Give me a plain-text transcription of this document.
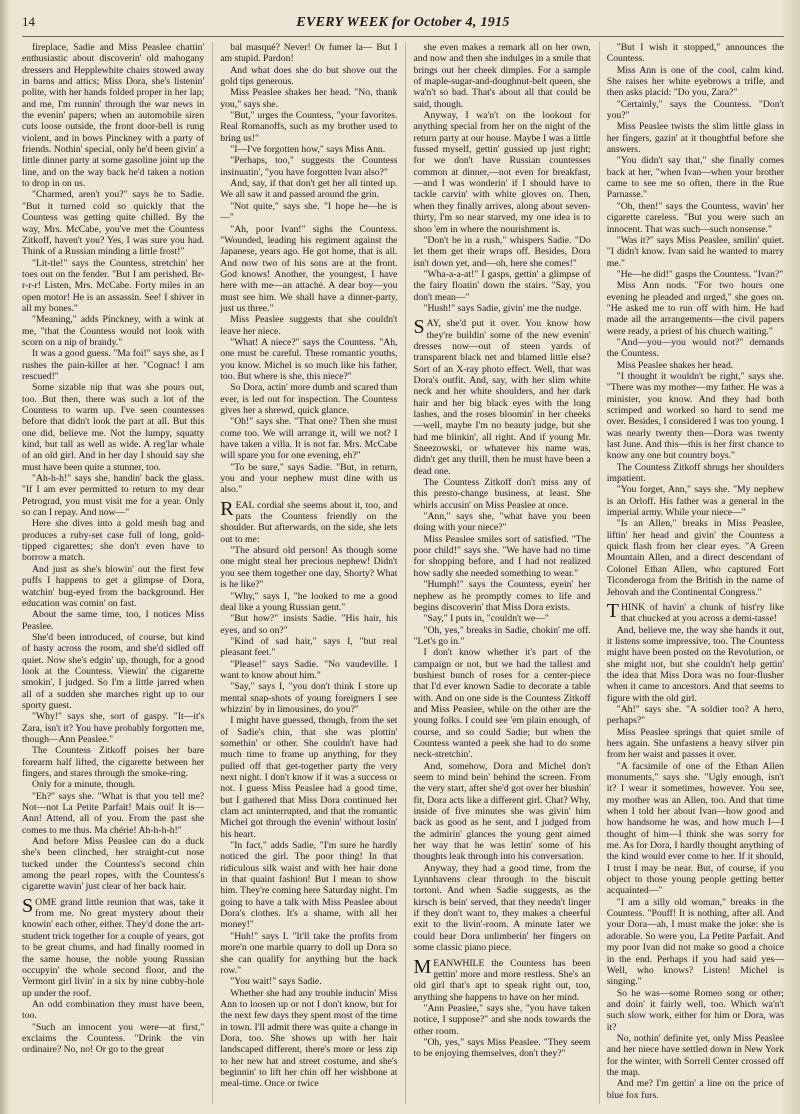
14	EVERY WEEK for October 4, 1915

fireplace, Sadie and Miss Peaslee chattin' enthusiastic about discoverin' old mahogany dressers and Hepplewhite chairs stowed away in barns and attics; Miss Dora, she's listenin' polite, with her hands folded proper in her lap; and me, I'm runnin' through the war news in the evenin' papers; when an automobile siren cuts loose outside, the front door-bell is rung violent, and in bows Pinckney with a party of friends. Nothin' special, only he'd been givin' a little dinner party at some gasoline joint up the line, and on the way back he'd taken a notion to drop in on us.

"Charmed, aren't you?" says he to Sadie. "But it turned cold so quickly that the Countess was getting quite chilled. By the way, Mrs. McCabe, you've met the Countess Zitkoff, haven't you? Yes, I was sure you had. Think of a Russian minding a little frost!"

"Lit-tle!" says the Countess, stretchin' her toes out on the fender. "But I am perished. Br-r-r-r! Listen, Mrs. McCabe. Forty miles in an open motor! He is an assassin. See! I shiver in all my bones."

"Meaning," adds Pinckney, with a wink at me, "that the Countess would not look with scorn on a nip of brandy."

It was a good guess. "Ma foi!" says she, as I rushes the pain-killer at her. "Cognac! I am rescued!"

Some sizable nip that was she pours out, too. But then, there was such a lot of the Countess to warm up. I've seen countesses before that didn't look the part at all. But this one did, believe me. Not the lumpy, squatty kind, but tall as well as wide. A reg'lar whale of an old girl. And in her day I should say she must have been quite a stunner, too.

"Ah-h-h!" says she, handin' back the glass. "If I am ever permitted to return to my dear Petrograd, you must visit me for a year. Only so can I repay. And now—"

Here she dives into a gold mesh bag and produces a ruby-set case full of long, gold-tipped cigarettes; she don't even have to borrow a match.

And just as she's blowin' out the first few puffs I happens to get a glimpse of Dora, watchin' bug-eyed from the background. Her education was comin' on fast.

About the same time, too, I notices Miss Peaslee.

She'd been introduced, of course, but kind of hasty across the room, and she'd sidled off quiet. Now she's edgin' up, though, for a good look at the Countess. Viewin' the cigarette smokin', I judged. So I'm a little jarred when all of a sudden she marches right up to our sporty guest.

"Why!" says she, sort of gaspy. "It—it's Zara, isn't it? You have probably forgotten me, though—Ann Peaslee."

The Countess Zitkoff poises her bare forearm half lifted, the cigarette between her fingers, and stares through the smoke-ring.

Only for a minute, though.

"Eh?" says she. "What is that you tell me? Not—not La Petite Parfait! Mais oui! It is—Ann! Attend, all of you. From the past she comes to me thus. Ma chérie! Ah-h-h-h!"

And before Miss Peaslee can do a duck she's been clinched, her straight-cut nose tucked under the Countess's second chin among the pearl ropes, with the Countess's cigarette wavin' just clear of her back hair.

SOME grand little reunion that was, take it from me. No great mystery about their knowin' each other, either. They'd done the art-student trick together for a couple of years, got to be great chums, and had finally roomed in the same house, the noble young Russian occupyin' the whole second floor, and the Vermont girl livin' in a six by nine cubby-hole up under the roof.

An odd combination they must have been, too.

"Such an innocent you were—at first," exclaims the Countess. "Drink the vin ordinaire? No, no! Or go to the great

bal masqué? Never! Or fumer la— But I am stupid. Pardon!

And what does she do but shove out the gold tips generous.

Miss Peaslee shakes her head. "No, thank you," says she.

"But," urges the Countess, "your favorites. Real Romanoffs, such as my brother used to bring us!"

"I—I've forgotten how," says Miss Ann.

"Perhaps, too," suggests the Countess insinuatin', "you have forgotten Ivan also?"

And, say, if that don't get her all tinted up. We all saw it and passed around the grin.

"Not quite," says she. "I hope he—he is—"

"Ah, poor Ivan!" sighs the Countess. "Wounded, leading his regiment against the Japanese, years ago. He got home, that is all. And now two of his sons are at the front. God knows! Another, the youngest, I have here with me—an attaché. A dear boy—you must see him. We shall have a dinner-party, just us three."

Miss Peaslee suggests that she couldn't leave her niece.

"What! A niece?" says the Countess. "Ah, one must be careful. These romantic youths, you know. Michel is so much like his father, too. But where is she, this niece?"

So Dora, actin' more dumb and scared than ever, is led out for inspection. The Countess gives her a shrewd, quick glance.

"Oh!" says she. "That one? Then she must come too. We will arrange it, will we not? I have taken a villa. It is not far. Mrs. McCabe will spare you for one evening, eh?"

"To be sure," says Sadie. "But, in return, you and your nephew must dine with us also."

REAL cordial she seems about it, too, and pats the Countess friendly on the shoulder. But afterwards, on the side, she lets out to me:

"The absurd old person! As though some one might steal her precious nephew! Didn't you see them together one day, Shorty? What is he like?"

"Why," says I, "he looked to me a good deal like a young Russian gent."

"But how?" insists Sadie. "His hair, his eyes, and so on?"

"Kind of sad hair," says I, "but real pleasant feet."

"Please!" says Sadie. "No vaudeville. I want to know about him."

"Say," says I, "you don't think I store up mental snap-shots of young foreigners I see whizzin' by in limousines, do you?"

I might have guessed, though, from the set of Sadie's chin, that she was plottin' somethin' or other. She couldn't have had much time to frame up anything, for they pulled off that get-together party the very next night. I don't know if it was a success or not. I guess Miss Peaslee had a good time, but I gathered that Miss Dora continued her clam act uninterrupted, and that the romantic Michel got through the evenin' without losin' his heart.

"In fact," adds Sadie, "I'm sure he hardly noticed the girl. The poor thing! In that ridiculous silk waist and with her hair done in that quaint fashion! But I mean to show him. They're coming here Saturday night. I'm going to have a talk with Miss Peaslee about Dora's clothes. It's a shame, with all her money!"

"Huh!" says I. "It'll take the profits from more'n one marble quarry to doll up Dora so she can qualify for anything but the back row."

"You wait!" says Sadie.

Whether she had any trouble inducin' Miss Ann to loosen up or not I don't know, but for the next few days they spent most of the time in town. I'll admit there was quite a change in Dora, too. She shows up with her hair landscaped different, there's more or less zip to her new hat and street costume, and she's beginnin' to lift her chin off her wishbone at meal-time. Once or twice

she even makes a remark all on her own, and now and then she indulges in a smile that brings out her cheek dimples. For a sample of maple-sugar-and-doughnut-belt queen, she wa'n't so bad. That's about all that could be said, though.

Anyway, I wa'n't on the lookout for anything special from her on the night of the return party at our house. Maybe I was a little fussed myself, gettin' gussied up just right; for we don't have Russian countesses common at dinner,—not even for breakfast,—and I was wonderin' if I should have to tackle carvin' with white gloves on. Then, when they finally arrives, along about seven-thirty, I'm so near starved, my one idea is to shoo 'em in where the nourishment is.

"Don't be in a rush," whispers Sadie. "Do let them get their wraps off. Besides, Dora isn't down yet, and—oh, here she comes!"

"Wha-a-a-at!" I gasps, gettin' a glimpse of the fairy floatin' down the stairs. "Say, you don't mean—"

"Hush!" says Sadie, givin' me the nudge.

SAY, she'd put it over. You know how they're buildin' some of the new evenin' dresses now—out of steen yards of transparent black net and blamed little else? Sort of an X-ray photo effect. Well, that was Dora's outfit. And, say, with her slim white neck and her white shoulders, and her dark hair and her big black eyes with the long lashes, and the roses bloomin' in her cheeks—well, maybe I'm no beauty judge, but she had me blinkin', all right. And if young Mr. Sneezowski, or whatever his name was, didn't get any thrill, then he must have been a dead one.

The Countess Zitkoff don't miss any of this presto-change business, at least. She whirls accusin' on Miss Peaslee at once.

"Ann," says she, "what have you been doing with your niece?"

Miss Peaslee smiles sort of satisfied. "The poor child!" says she. "We have had no time for shopping before, and I had not realized how sadly she needed something to wear."

"Humph!" says the Countess, eyein' her nephew as he promptly comes to life and begins discoverin' that Miss Dora exists.

"Say," I puts in, "couldn't we—"

"Oh, yes," breaks in Sadie, chokin' me off. "Let's go in."

I don't know whether it's part of the campaign or not, but we had the tallest and bushiest bunch of roses for a center-piece that I'd ever known Sadie to decorate a table with. And on one side is the Countess Zitkoff and Miss Peaslee, while on the other are the young folks. I could see 'em plain enough, of course, and so could Sadie; but when the Countess wanted a peek she had to do some neck-stretchin'.

And, somehow, Dora and Michel don't seem to mind bein' behind the screen. From the very start, after she'd got over her blushin' fit, Dora acts like a different girl. Chat? Why, inside of five minutes she was givin' him back as good as he sent, and I judged from the admirin' glances the young gent aimed her way that he was lettin' some of his thoughts leak through into his conversation.

Anyway, they had a good time, from the Lynnhavens clear through to the biscuit tortoni. And when Sadie suggests, as the kirsch is bein' served, that they needn't linger if they don't want to, they makes a cheerful exit to the livin'-room. A minute later we could hear Dora unlimberin' her fingers on some classic piano piece.

MEANWHILE the Countess has been gettin' more and more restless. She's an old girl that's apt to speak right out, too, anything she happens to have on her mind.

"Ann Peaslee," says she, "you have taken notice, I suppose?" and she nods towards the other room.

"Oh, yes," says Miss Peaslee. "They seem to be enjoying themselves, don't they?"

"But I wish it stopped," announces the Countess.

Miss Ann is one of the cool, calm kind. She raises her white eyebrows a trifle, and then asks placid: "Do you, Zara?"

"Certainly," says the Countess. "Don't you?"

Miss Peaslee twists the slim little glass in her fingers, gazin' at it thoughtful before she answers.

"You didn't say that," she finally comes back at her, "when Ivan—when your brother came to see me so often, there in the Rue Parnasse."

"Oh, then!" says the Countess, wavin' her cigarette careless. "But you were such an innocent. That was such—such nonsense."

"Was it?" says Miss Peaslee, smilin' quiet. "I didn't know. Ivan said he wanted to marry me."

"He—he did!" gasps the Countess. "Ivan?"

Miss Ann nods. "For two hours one evening he pleaded and urged," she goes on. "He asked me to run off with him. He had made all the arrangements—the civil papers were ready, a priest of his church waiting."

"And—you—you would not?" demands the Countess.

Miss Peaslee shakes her head.

"I thought it wouldn't be right," says she. "There was my mother—my father. He was a minister, you know. And they had both scrimped and worked so hard to send me over. Besides, I considered I was too young. I was nearly twenty then—Dora was twenty last June. And this—this is her first chance to know any one but country boys."

The Countess Zitkoff shrugs her shoulders impatient.

"You forget, Ann," says she. "My nephew is an Orloff. His father was a general in the imperial army. While your niece—"

"Is an Allen," breaks in Miss Peaslee, liftin' her head and givin' the Countess a quick flash from her clear eyes. "A Green Mountain Allen, and a direct descendant of Colonel Ethan Allen, who captured Fort Ticonderoga from the British in the name of Jehovah and the Continental Congress."

THINK of havin' a chunk of hist'ry like that chucked at you across a demi-tasse!

And, believe me, the way she hands it out, it listens some impressive, too. The Countess might have been posted on the Revolution, or she might not, but she couldn't help gettin' the idea that Miss Dora was no four-flusher when it came to ancestors. And that seems to figure with the old girl.

"Ah!" says she. "A soldier too? A hero, perhaps?"

Miss Peaslee springs that quiet smile of hers again. She unfastens a heavy silver pin from her waist and passes it over.

"A facsimile of one of the Ethan Allen monuments," says she. "Ugly enough, isn't it? I wear it sometimes, however. You see, my mother was an Allen, too. And that time when I told her about Ivan—how good and how handsome he was, and how much I—I thought of him—I think she was sorry for me. As for Dora, I hardly thought anything of the kind would ever come to her. If it should, I trust I may be near. But, of course, if you object to those young people getting better acquainted—"

"I am a silly old woman," breaks in the Countess. "Pouff! It is nothing, after all. And your Dora—ah, I must make the joke: she is adorable. So were you, La Petite Parfait. And my poor Ivan did not make so good a choice in the end. Perhaps if you had said yes— Well, who knows? Listen! Michel is singing."

So he was—some Romeo song or other; and doin' it fairly well, too. Which wa'n't such slow work, either for him or Dora, was it?

No, nothin' definite yet, only Miss Peaslee and her niece have settled down in New York for the winter, with Sorrell Center crossed off the map.

And me? I'm gettin' a line on the price of blue fox furs.
